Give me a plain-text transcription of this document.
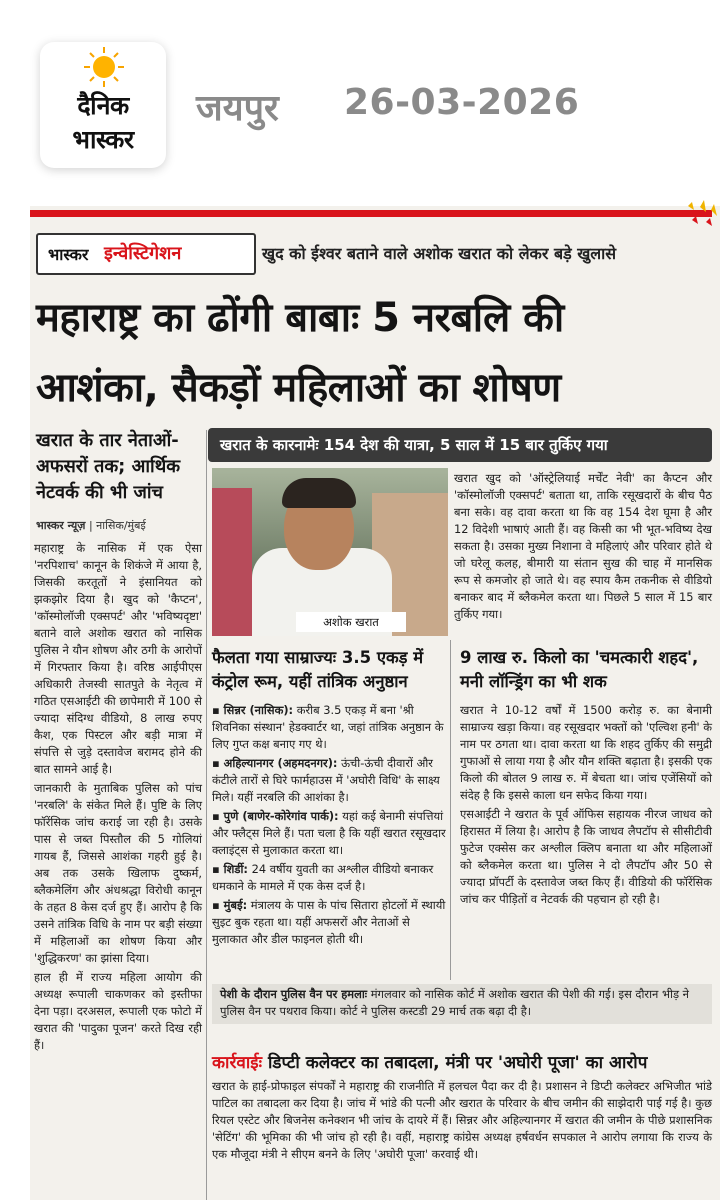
दैनिक
भास्कर
जयपुर 26-03-2026
भास्कर इन्वेस्टिगेशन	खुद को ईश्वर बताने वाले अशोक खरात को लेकर बड़े खुलासे
महाराष्ट्र का ढोंगी बाबाः 5 नरबलि की
आशंका, सैकड़ों महिलाओं का शोषण
खरात के तार नेताओं-अफसरों तक; आर्थिक नेटवर्क की भी जांच
भास्कर न्यूज़ | नासिक/मुंबई

महाराष्ट्र के नासिक में एक ऐसा 'नरपिशाच' कानून के शिकंजे में आया है, जिसकी करतूतों ने इंसानियत को झकझोर दिया है। खुद को 'कैप्टन', 'कॉस्मोलॉजी एक्सपर्ट' और 'भविष्यदृष्टा' बताने वाले अशोक खरात को नासिक पुलिस ने यौन शोषण और ठगी के आरोपों में गिरफ्तार किया है। वरिष्ठ आईपीएस अधिकारी तेजस्वी सातपुते के नेतृत्व में गठित एसआईटी की छापेमारी में 100 से ज्यादा संदिग्ध वीडियो, 8 लाख रुपए कैश, एक पिस्टल और बड़ी मात्रा में संपत्ति से जुड़े दस्तावेज बरामद होने की बात सामने आई है।

जानकारी के मुताबिक पुलिस को पांच 'नरबलि' के संकेत मिले हैं। पुष्टि के लिए फॉरेंसिक जांच कराई जा रही है। उसके पास से जब्त पिस्तौल की 5 गोलियां गायब हैं, जिससे आशंका गहरी हुई है। अब तक उसके खिलाफ दुष्कर्म, ब्लैकमेलिंग और अंधश्रद्धा विरोधी कानून के तहत 8 केस दर्ज हुए हैं। आरोप है कि उसने तांत्रिक विधि के नाम पर बड़ी संख्या में महिलाओं का शोषण किया और 'शुद्धिकरण' का झांसा दिया।

हाल ही में राज्य महिला आयोग की अध्यक्ष रूपाली चाकणकर को इस्तीफा देना पड़ा। दरअसल, रूपाली एक फोटो में खरात की 'पादुका पूजन' करते दिख रही हैं।

खरात के कारनामेः 154 देश की यात्रा, 5 साल में 15 बार तुर्किए गया
अशोक खरात
खरात खुद को 'ऑस्ट्रेलियाई मर्चेंट नेवी' का कैप्टन और 'कॉस्मोलॉजी एक्सपर्ट' बताता था, ताकि रसूखदारों के बीच पैठ बना सके। वह दावा करता था कि वह 154 देश घूमा है और 12 विदेशी भाषाएं आती हैं। वह किसी का भी भूत-भविष्य देख सकता है। उसका मुख्य निशाना वे महिलाएं और परिवार होते थे जो घरेलू कलह, बीमारी या संतान सुख की चाह में मानसिक रूप से कमजोर हो जाते थे। वह स्पाय कैम तकनीक से वीडियो बनाकर बाद में ब्लैकमेल करता था। पिछले 5 साल में 15 बार तुर्किए गया।
फैलता गया साम्राज्यः 3.5 एकड़ में कंट्रोल रूम, यहीं तांत्रिक अनुष्ठान
9 लाख रु. किलो का 'चमत्कारी शहद', मनी लॉन्ड्रिंग का भी शक

▪ सिन्नर (नासिक): करीब 3.5 एकड़ में बना 'श्री शिवनिका संस्थान' हेडक्वार्टर था, जहां तांत्रिक अनुष्ठान के लिए गुप्त कक्ष बनाए गए थे।

▪ अहिल्यानगर (अहमदनगर): ऊंची-ऊंची दीवारों और कंटीले तारों से घिरे फार्महाउस में 'अघोरी विधि' के साक्ष्य मिले। यहीं नरबलि की आशंका है।

▪ पुणे (बाणेर-कोरेगांव पार्क): यहां कई बेनामी संपत्तियां और फ्लैट्स मिले हैं। पता चला है कि यहीं खरात रसूखदार क्लाइंट्स से मुलाकात करता था।

▪ शिर्डी: 24 वर्षीय युवती का अश्लील वीडियो बनाकर धमकाने के मामले में एक केस दर्ज है।

▪ मुंबई: मंत्रालय के पास के पांच सितारा होटलों में स्थायी सुइट बुक रहता था। यहीं अफसरों और नेताओं से मुलाकात और डील फाइनल होती थी।

खरात ने 10-12 वर्षों में 1500 करोड़ रु. का बेनामी साम्राज्य खड़ा किया। वह रसूखदार भक्तों को 'एल्विश हनी' के नाम पर ठगता था। दावा करता था कि शहद तुर्किए की समुद्री गुफाओं से लाया गया है और यौन शक्ति बढ़ाता है। इसकी एक किलो की बोतल 9 लाख रु. में बेचता था। जांच एजेंसियों को संदेह है कि इससे काला धन सफेद किया गया।

एसआईटी ने खरात के पूर्व ऑफिस सहायक नीरज जाधव को हिरासत में लिया है। आरोप है कि जाधव लैपटॉप से सीसीटीवी फुटेज एक्सेस कर अश्लील क्लिप बनाता था और महिलाओं को ब्लैकमेल करता था। पुलिस ने दो लैपटॉप और 50 से ज्यादा प्रॉपर्टी के दस्तावेज जब्त किए हैं। वीडियो की फॉरेंसिक जांच कर पीड़ितों व नेटवर्क की पहचान हो रही है।

पेशी के दौरान पुलिस वैन पर हमलाः मंगलवार को नासिक कोर्ट में अशोक खरात की पेशी की गई। इस दौरान भीड़ ने पुलिस वैन पर पथराव किया। कोर्ट ने पुलिस कस्टडी 29 मार्च तक बढ़ा दी है।
कार्रवाईः डिप्टी कलेक्टर का तबादला, मंत्री पर 'अघोरी पूजा' का आरोप
खरात के हाई-प्रोफाइल संपर्कों ने महाराष्ट्र की राजनीति में हलचल पैदा कर दी है। प्रशासन ने डिप्टी कलेक्टर अभिजीत भांडे पाटिल का तबादला कर दिया है। जांच में भांडे की पत्नी और खरात के परिवार के बीच जमीन की साझेदारी पाई गई है। कुछ रियल एस्टेट और बिजनेस कनेक्शन भी जांच के दायरे में हैं। सिन्नर और अहिल्यानगर में खरात की जमीन के पीछे प्रशासनिक 'सेटिंग' की भूमिका की भी जांच हो रही है। वहीं, महाराष्ट्र कांग्रेस अध्यक्ष हर्षवर्धन सपकाल ने आरोप लगाया कि राज्य के एक मौजूदा मंत्री ने सीएम बनने के लिए 'अघोरी पूजा' करवाई थी।
